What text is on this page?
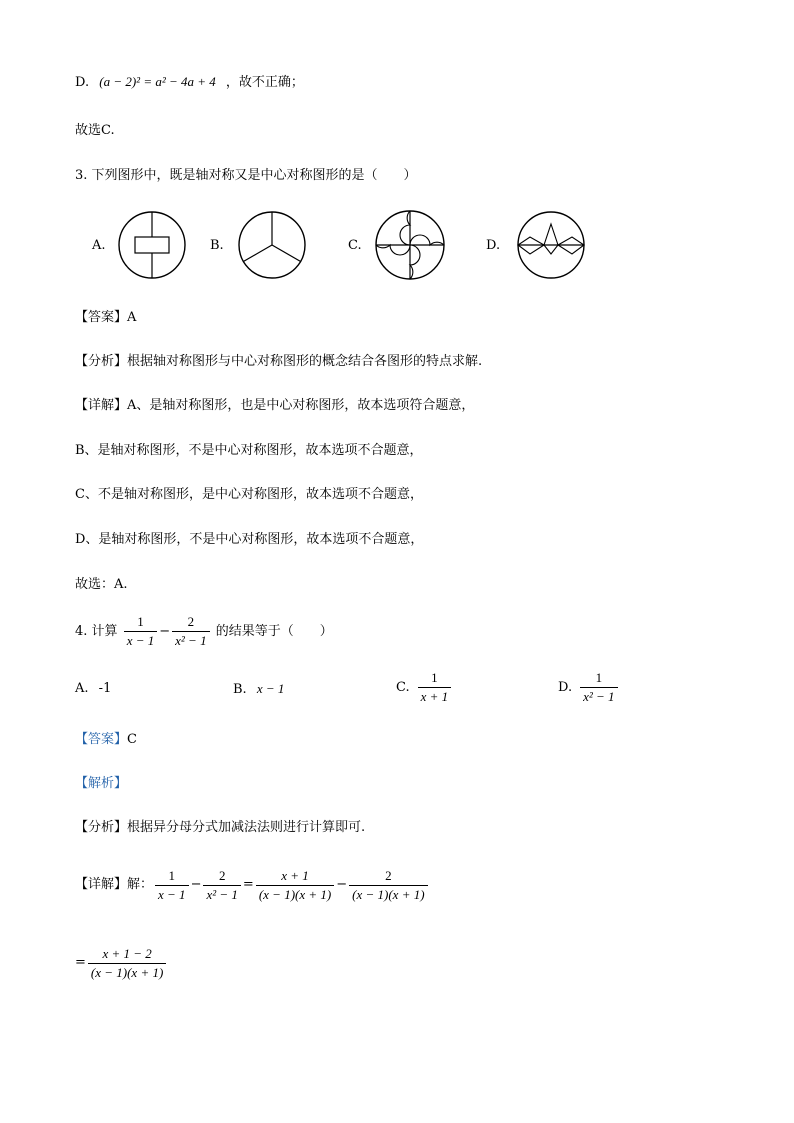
D. (a − 2)² = a² − 4a + 4 ，故不正确；
故选C.
3. 下列图形中，既是轴对称又是中心对称图形的是（　　）
A.	B.	C.	D.
【答案】A
【分析】根据轴对称图形与中心对称图形的概念结合各图形的特点求解.
【详解】A、是轴对称图形，也是中心对称图形，故本选项符合题意，
B、是轴对称图形，不是中心对称图形，故本选项不合题意，
C、不是轴对称图形，是中心对称图形，故本选项不合题意，
D、是轴对称图形，不是中心对称图形，故本选项不合题意，
故选：A.
4. 计算 $\frac{1}{x - 1} - \frac{2}{\text{x² − 1}}$ 的结果等于（　　）
A. -1	B. x − 1	C. $\frac{1}{x + 1}$	D. $\frac{1}{\text{x² − 1}}$
【答案】C
【解析】
【分析】根据异分母分式加减法法则进行计算即可.
【详解】解： $\frac{1}{x - 1} - \frac{2}{\text{x² − 1}} = \frac{x + 1}{(x - 1)(x + 1)} - \frac{2}{(x - 1)(x + 1)}$
= $\frac{x + 1 - 2}{(x - 1)(x + 1)}$
